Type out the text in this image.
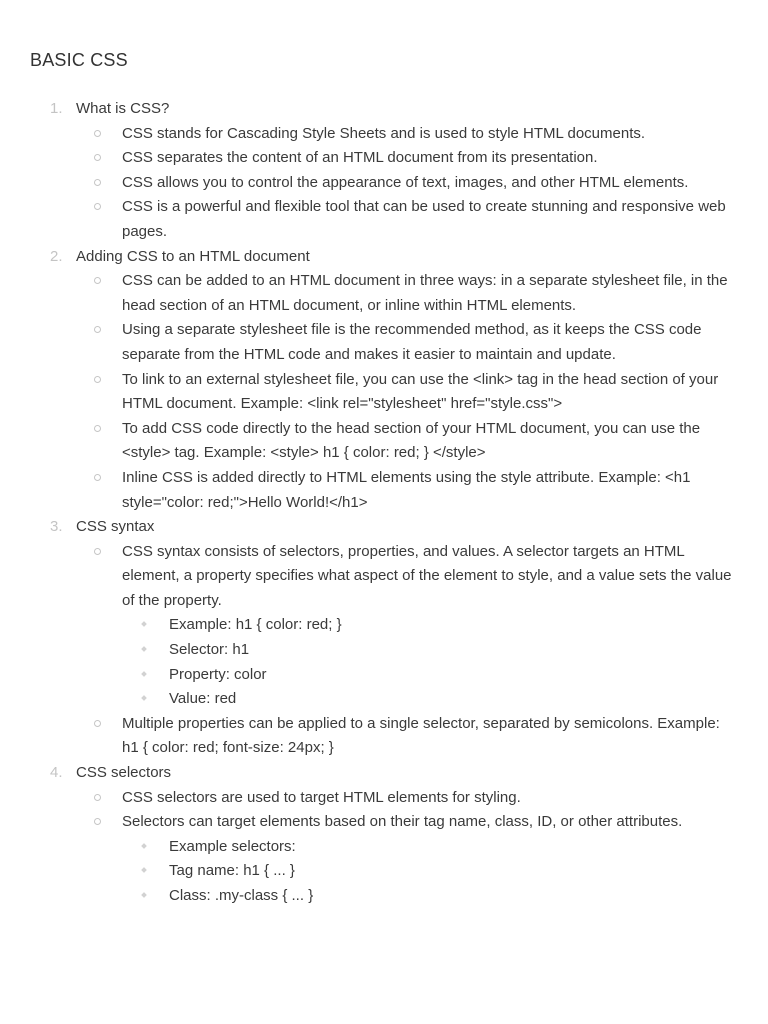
BASIC CSS
1. What is CSS?
CSS stands for Cascading Style Sheets and is used to style HTML documents.
CSS separates the content of an HTML document from its presentation.
CSS allows you to control the appearance of text, images, and other HTML elements.
CSS is a powerful and flexible tool that can be used to create stunning and responsive web pages.
2. Adding CSS to an HTML document
CSS can be added to an HTML document in three ways: in a separate stylesheet file, in the head section of an HTML document, or inline within HTML elements.
Using a separate stylesheet file is the recommended method, as it keeps the CSS code separate from the HTML code and makes it easier to maintain and update.
To link to an external stylesheet file, you can use the <link> tag in the head section of your HTML document. Example: <link rel="stylesheet" href="style.css">
To add CSS code directly to the head section of your HTML document, you can use the <style> tag. Example: <style> h1 { color: red; } </style>
Inline CSS is added directly to HTML elements using the style attribute. Example: <h1 style="color: red;">Hello World!</h1>
3. CSS syntax
CSS syntax consists of selectors, properties, and values. A selector targets an HTML element, a property specifies what aspect of the element to style, and a value sets the value of the property.
Example: h1 { color: red; }
Selector: h1
Property: color
Value: red
Multiple properties can be applied to a single selector, separated by semicolons. Example: h1 { color: red; font-size: 24px; }
4. CSS selectors
CSS selectors are used to target HTML elements for styling.
Selectors can target elements based on their tag name, class, ID, or other attributes.
Example selectors:
Tag name: h1 { ... }
Class: .my-class { ... }
